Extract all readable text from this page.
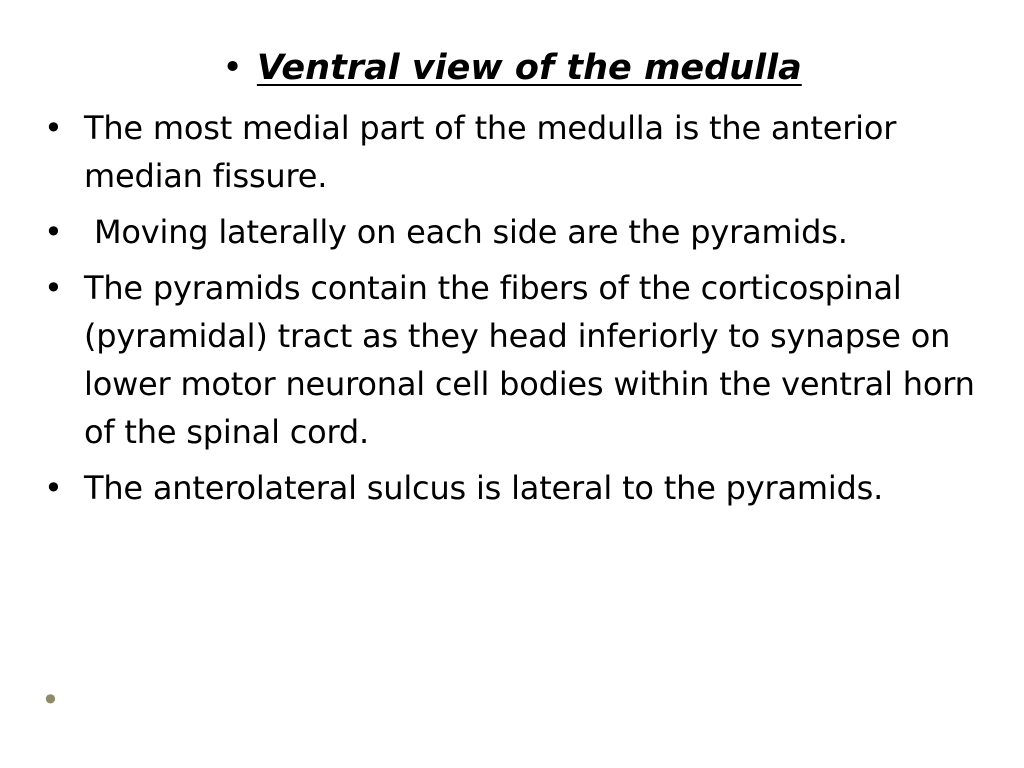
• Ventral view of the medulla
• The most medial part of the medulla is the anterior median fissure.
• Moving laterally on each side are the pyramids.
• The pyramids contain the fibers of the corticospinal (pyramidal) tract as they head inferiorly to synapse on lower motor neuronal cell bodies within the ventral horn of the spinal cord.
• The anterolateral sulcus is lateral to the pyramids.
•
